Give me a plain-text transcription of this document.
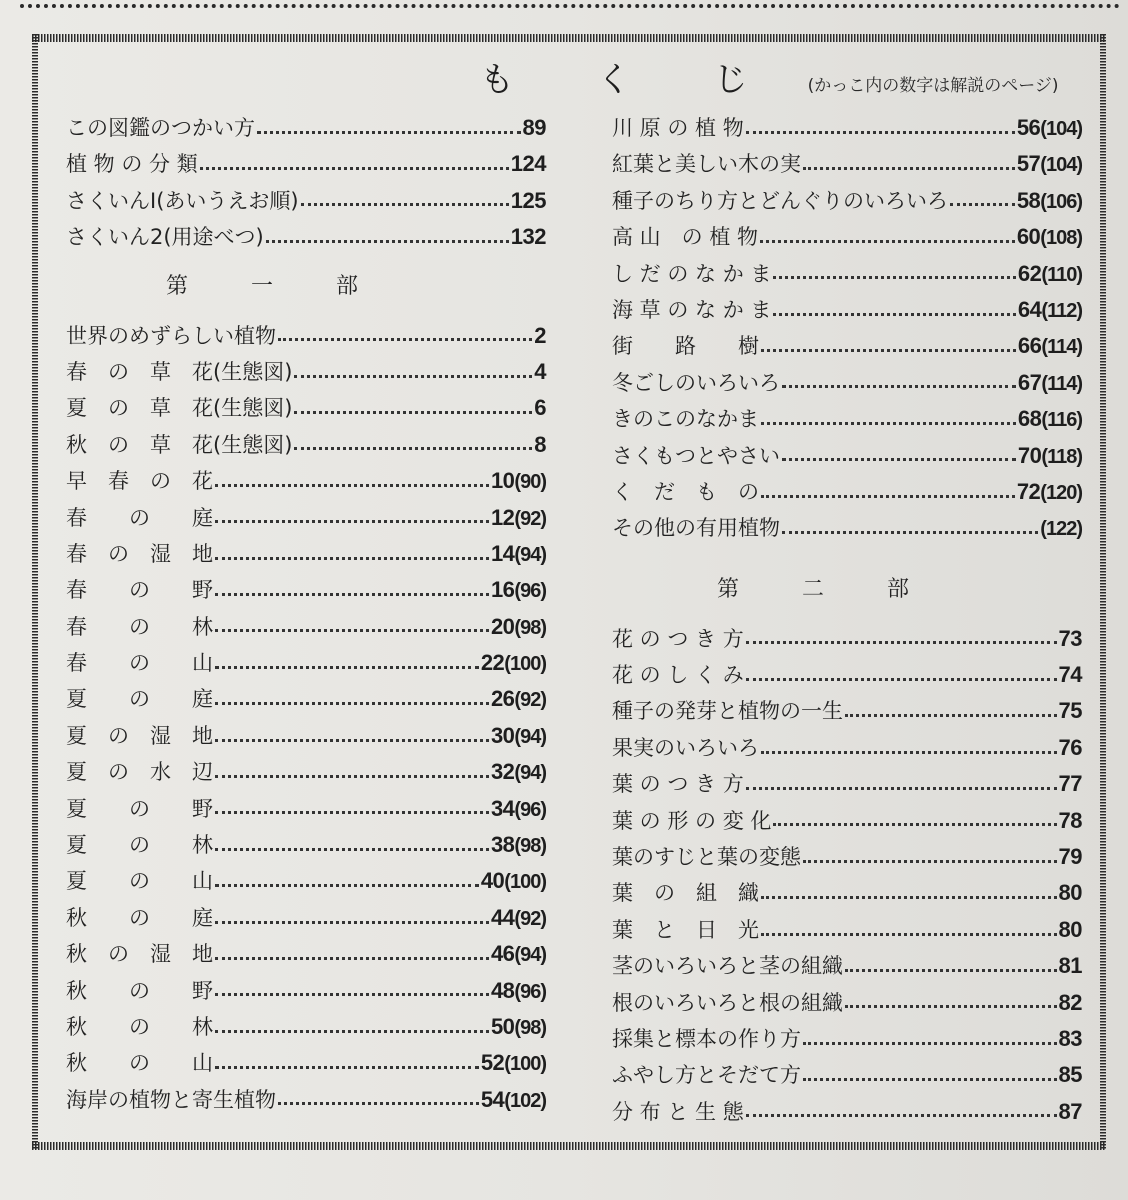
も く じ (かっこ内の数字は解説のページ)
この図鑑のつかい方	89
植 物 の 分 類	124
さくいんI(あいうえお順)	125
さくいん2(用途べつ)	132
第 一 部
世界のめずらしい植物	2
春　の　草　花(生態図)	4
夏　の　草　花(生態図)	6
秋　の　草　花(生態図)	8
早　春　の　花	10 (90)
春　　の　　庭	12 (92)
春　の　湿　地	14 (94)
春　　の　　野	16 (96)
春　　の　　林	20 (98)
春　　の　　山	22 (100)
夏　　の　　庭	26 (92)
夏　の　湿　地	30 (94)
夏　の　水　辺	32 (94)
夏　　の　　野	34 (96)
夏　　の　　林	38 (98)
夏　　の　　山	40 (100)
秋　　の　　庭	44 (92)
秋　の　湿　地	46 (94)
秋　　の　　野	48 (96)
秋　　の　　林	50 (98)
秋　　の　　山	52 (100)
海岸の植物と寄生植物	54 (102)
川 原 の 植 物	56 (104)
紅葉と美しい木の実	57 (104)
種子のちり方とどんぐりのいろいろ	58 (106)
高 山　の 植 物	60 (108)
し だ の な か ま	62 (110)
海 草 の な か ま	64 (112)
街　　路　　樹	66 (114)
冬ごしのいろいろ	67 (114)
きのこのなかま	68 (116)
さくもつとやさい	70 (118)
く　だ　も　の	72 (120)
その他の有用植物	(122)
第 二 部
花 の つ き 方	73
花 の し く み	74
種子の発芽と植物の一生	75
果実のいろいろ	76
葉 の つ き 方	77
葉 の 形 の 変 化	78
葉のすじと葉の変態	79
葉　の　組　織	80
葉　と　日　光	80
茎のいろいろと茎の組織	81
根のいろいろと根の組織	82
採集と標本の作り方	83
ふやし方とそだて方	85
分 布 と 生 態	87
